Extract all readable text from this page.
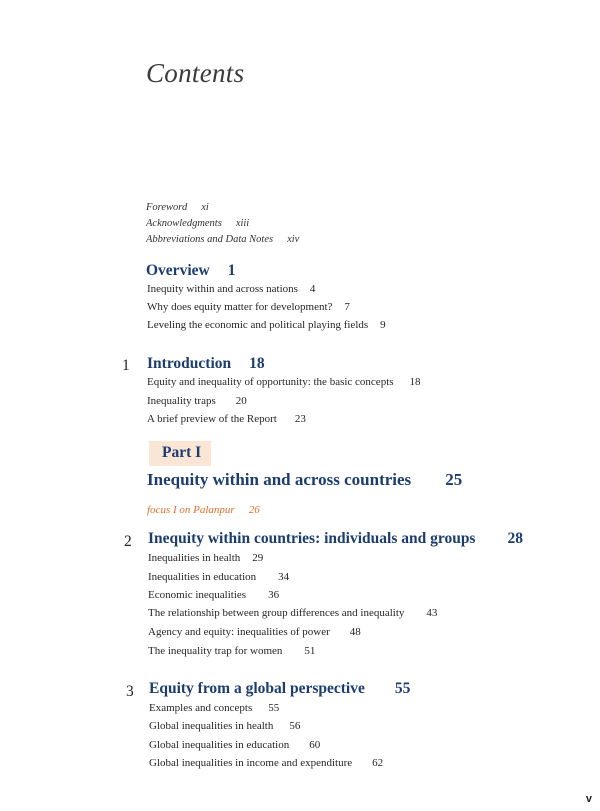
Contents
Foreword xi
Acknowledgments xiii
Abbreviations and Data Notes xiv
Overview 1
Inequity within and across nations 4
Why does equity matter for development? 7
Leveling the economic and political playing fields 9
1 Introduction 18
Equity and inequality of opportunity: the basic concepts 18
Inequality traps 20
A brief preview of the Report 23
Part I
Inequity within and across countries 25
focus I on Palanpur 26
2 Inequity within countries: individuals and groups 28
Inequalities in health 29
Inequalities in education 34
Economic inequalities 36
The relationship between group differences and inequality 43
Agency and equity: inequalities of power 48
The inequality trap for women 51
3 Equity from a global perspective 55
Examples and concepts 55
Global inequalities in health 56
Global inequalities in education 60
Global inequalities in income and expenditure 62
v
